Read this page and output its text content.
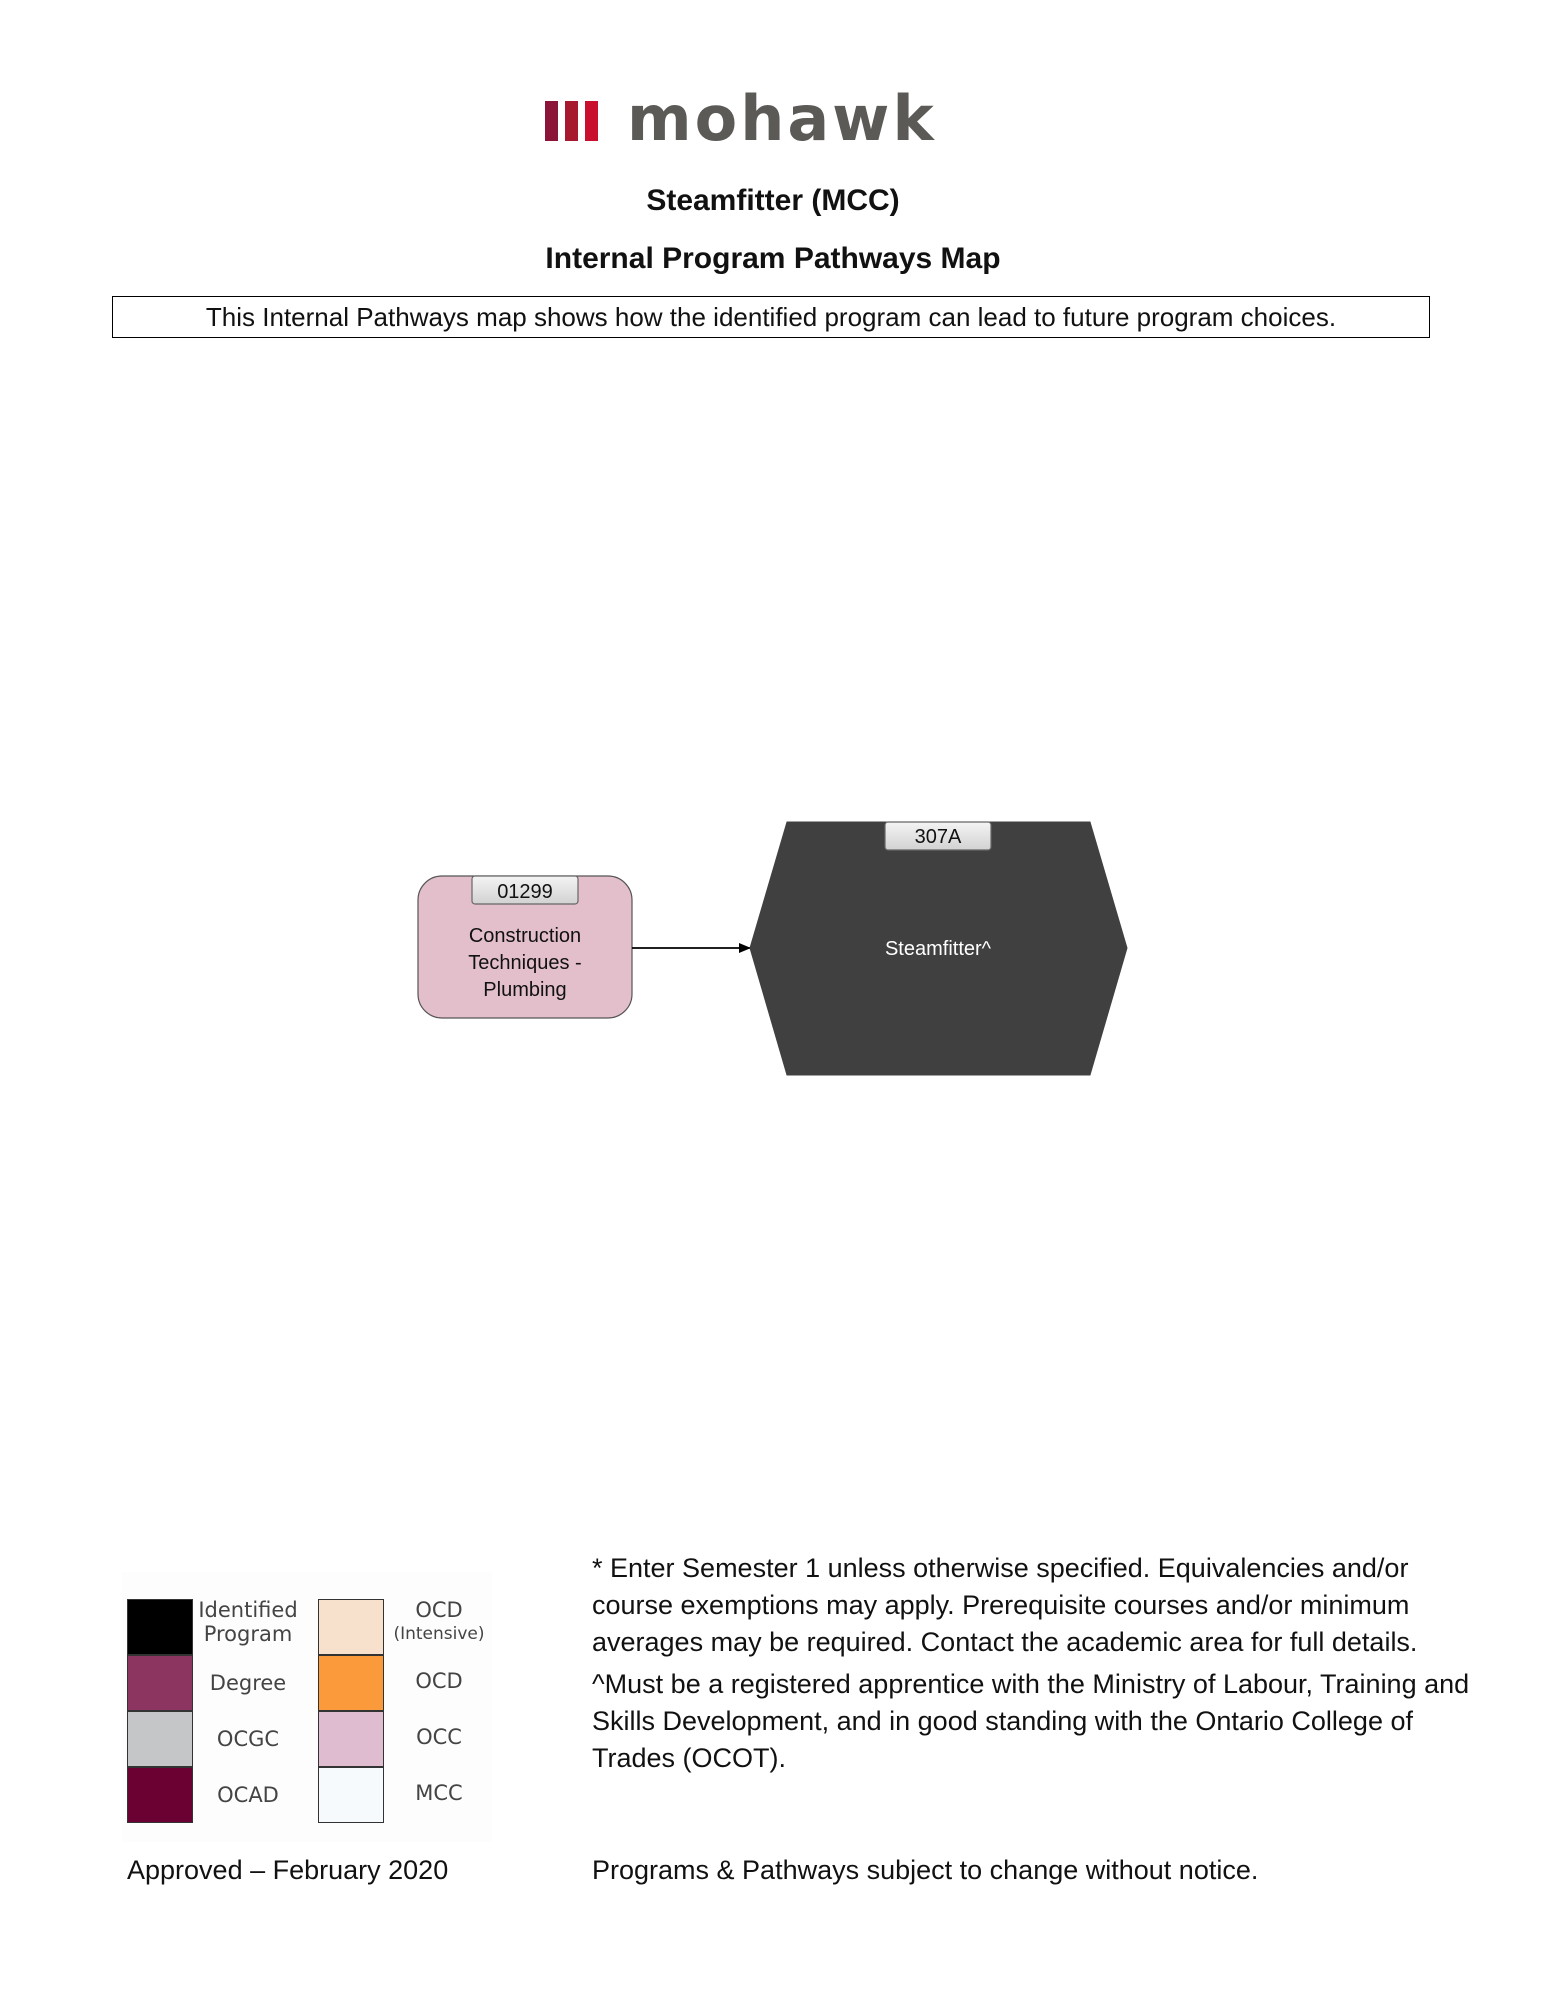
mohawk
Steamfitter (MCC)
Internal Program Pathways Map
This Internal Pathways map shows how the identified program can lead to future program choices.
01299
Construction
Techniques -
Plumbing
307A
Steamfitter^
Identified
Program
Degree
OCGC
OCAD
OCD
(Intensive)
OCD
OCC
MCC
* Enter Semester 1 unless otherwise specified. Equivalencies and/or course exemptions may apply. Prerequisite courses and/or minimum averages may be required. Contact the academic area for full details.
^Must be a registered apprentice with the Ministry of Labour, Training and Skills Development, and in good standing with the Ontario College of Trades (OCOT).
Approved – February 2020	Programs & Pathways subject to change without notice.
